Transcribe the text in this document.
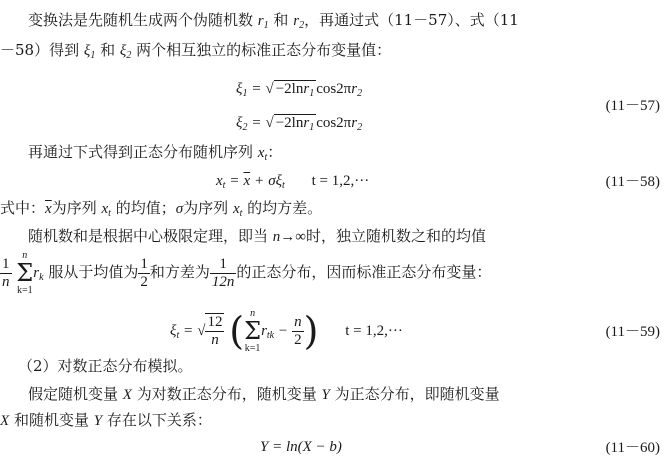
变换法是先随机生成两个伪随机数 $r_1$ 和 $r_2$，再通过式（11－57）、式（11
－58）得到 $\xi_1$ 和 $\xi_2$ 两个相互独立的标准正态分布变量值：
$\xi_1$ = √ −2lnr$_1$ $\cos 2\pi r_2$
(11－57)
$\xi_2$ = √ −2lnr$_1$ $\cos 2\pi r_2$
再通过下式得到正态分布随机序列 $x_t$：
$x_t = \overline{x} + \sigma\xi_t$ t = 1,2,···	(11－58)
式中：$\overline{x}$为序列 $x_t$ 的均值；σ为序列 $x_t$ 的均方差。
随机数和是根据中心极限定理，即当 n→∞时，独立随机数之和的均值
$\frac{1}{n}$ n
Σ
$k=1r_k$ 服从于均值为 $\frac{1}{2}$ 和方差为 $\frac{1}{12n}$ 的正态分布，因而标准正态分布变量：
$\xi_t$ = √ $\frac{12}{n}$ ( n
Σ
$k=1r_{tk} - \frac{n}{2}$ ) t = 1,2,···	(11－59)
（2）对数正态分布模拟。
假定随机变量 X 为对数正态分布，随机变量 Y 为正态分布，即随机变量
X 和随机变量 Y 存在以下关系：
Y = ln(X − b)	(11－60)
